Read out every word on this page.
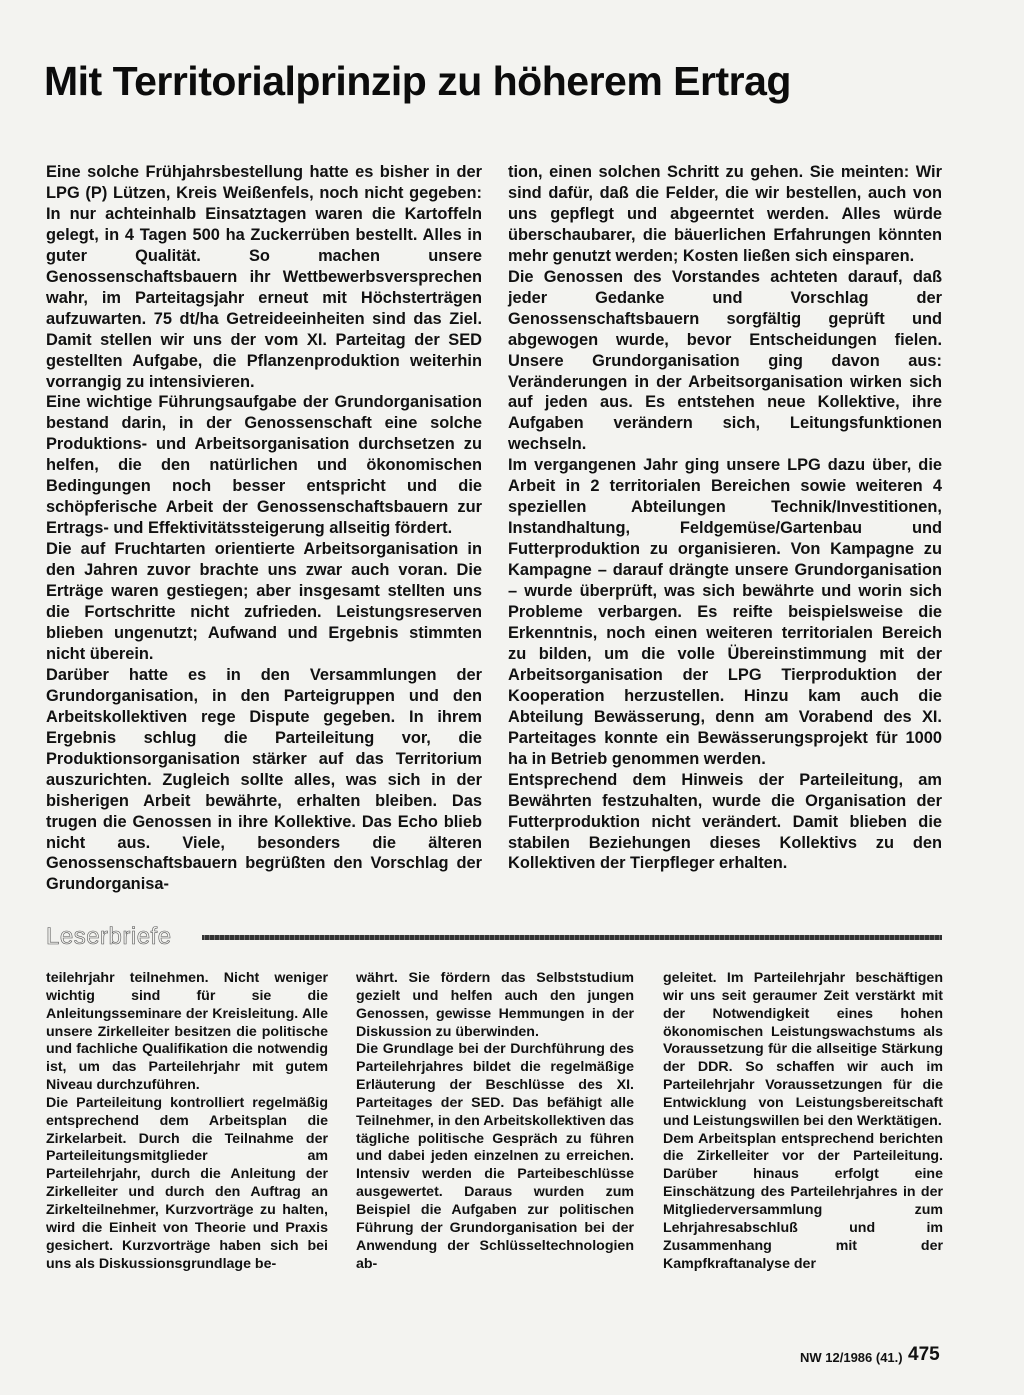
Mit Territorialprinzip zu höherem Ertrag

Eine solche Frühjahrsbestellung hatte es bisher in der LPG (P) Lützen, Kreis Weißenfels, noch nicht gegeben: In nur achteinhalb Einsatztagen waren die Kartoffeln gelegt, in 4 Tagen 500 ha Zuckerrüben bestellt. Alles in guter Qualität. So machen unsere Genossenschaftsbauern ihr Wettbewerbsversprechen wahr, im Parteitagsjahr erneut mit Höchsterträgen aufzuwarten. 75 dt/ha Getreideeinheiten sind das Ziel. Damit stellen wir uns der vom XI. Parteitag der SED gestellten Aufgabe, die Pflanzenproduktion weiterhin vorrangig zu intensivieren.

Eine wichtige Führungsaufgabe der Grundorganisation bestand darin, in der Genossenschaft eine solche Produktions- und Arbeitsorganisation durchsetzen zu helfen, die den natürlichen und ökonomischen Bedingungen noch besser entspricht und die schöpferische Arbeit der Genossenschaftsbauern zur Ertrags- und Effektivitätssteigerung allseitig fördert.

Die auf Fruchtarten orientierte Arbeitsorganisation in den Jahren zuvor brachte uns zwar auch voran. Die Erträge waren gestiegen; aber insgesamt stellten uns die Fortschritte nicht zufrieden. Leistungsreserven blieben ungenutzt; Aufwand und Ergebnis stimmten nicht überein.

Darüber hatte es in den Versammlungen der Grundorganisation, in den Parteigruppen und den Arbeitskollektiven rege Dispute gegeben. In ihrem Ergebnis schlug die Parteileitung vor, die Produktionsorganisation stärker auf das Territorium auszurichten. Zugleich sollte alles, was sich in der bisherigen Arbeit bewährte, erhalten bleiben. Das trugen die Genossen in ihre Kollektive. Das Echo blieb nicht aus. Viele, besonders die älteren Genossenschaftsbauern begrüßten den Vorschlag der Grundorganisa-

tion, einen solchen Schritt zu gehen. Sie meinten: Wir sind dafür, daß die Felder, die wir bestellen, auch von uns gepflegt und abgeerntet werden. Alles würde überschaubarer, die bäuerlichen Erfahrungen könnten mehr genutzt werden; Kosten ließen sich einsparen.

Die Genossen des Vorstandes achteten darauf, daß jeder Gedanke und Vorschlag der Genossenschaftsbauern sorgfältig geprüft und abgewogen wurde, bevor Entscheidungen fielen. Unsere Grundorganisation ging davon aus: Veränderungen in der Arbeitsorganisation wirken sich auf jeden aus. Es entstehen neue Kollektive, ihre Aufgaben verändern sich, Leitungsfunktionen wechseln.

Im vergangenen Jahr ging unsere LPG dazu über, die Arbeit in 2 territorialen Bereichen sowie weiteren 4 speziellen Abteilungen Technik/Investitionen, Instandhaltung, Feldgemüse/Gartenbau und Futterproduktion zu organisieren. Von Kampagne zu Kampagne – darauf drängte unsere Grundorganisation – wurde überprüft, was sich bewährte und worin sich Probleme verbargen. Es reifte beispielsweise die Erkenntnis, noch einen weiteren territorialen Bereich zu bilden, um die volle Übereinstimmung mit der Arbeitsorganisation der LPG Tierproduktion der Kooperation herzustellen. Hinzu kam auch die Abteilung Bewässerung, denn am Vorabend des XI. Parteitages konnte ein Bewässerungsprojekt für 1000 ha in Betrieb genommen werden.

Entsprechend dem Hinweis der Parteileitung, am Bewährten festzuhalten, wurde die Organisation der Futterproduktion nicht verändert. Damit blieben die stabilen Beziehungen dieses Kollektivs zu den Kollektiven der Tierpfleger erhalten.

Leserbriefe

teilehrjahr teilnehmen. Nicht weniger wichtig sind für sie die Anleitungsseminare der Kreisleitung. Alle unsere Zirkelleiter besitzen die politische und fachliche Qualifikation die notwendig ist, um das Parteilehrjahr mit gutem Niveau durchzuführen.

Die Parteileitung kontrolliert regelmäßig entsprechend dem Arbeitsplan die Zirkelarbeit. Durch die Teilnahme der Parteileitungsmitglieder am Parteilehrjahr, durch die Anleitung der Zirkelleiter und durch den Auftrag an Zirkelteilnehmer, Kurzvorträge zu halten, wird die Einheit von Theorie und Praxis gesichert. Kurzvorträge haben sich bei uns als Diskussionsgrundlage be-

währt. Sie fördern das Selbststudium gezielt und helfen auch den jungen Genossen, gewisse Hemmungen in der Diskussion zu überwinden.

Die Grundlage bei der Durchführung des Parteilehrjahres bildet die regelmäßige Erläuterung der Beschlüsse des XI. Parteitages der SED. Das befähigt alle Teilnehmer, in den Arbeitskollektiven das tägliche politische Gespräch zu führen und dabei jeden einzelnen zu erreichen. Intensiv werden die Parteibeschlüsse ausgewertet. Daraus wurden zum Beispiel die Aufgaben zur politischen Führung der Grundorganisation bei der Anwendung der Schlüsseltechnologien ab-

geleitet. Im Parteilehrjahr beschäftigen wir uns seit geraumer Zeit verstärkt mit der Notwendigkeit eines hohen ökonomischen Leistungswachstums als Voraussetzung für die allseitige Stärkung der DDR. So schaffen wir auch im Parteilehrjahr Voraussetzungen für die Entwicklung von Leistungsbereitschaft und Leistungswillen bei den Werktätigen.

Dem Arbeitsplan entsprechend berichten die Zirkelleiter vor der Parteileitung. Darüber hinaus erfolgt eine Einschätzung des Parteilehrjahres in der Mitgliederversammlung zum Lehrjahresabschluß und im Zusammenhang mit der Kampfkraftanalyse der

NW 12/1986 (41.) 475
